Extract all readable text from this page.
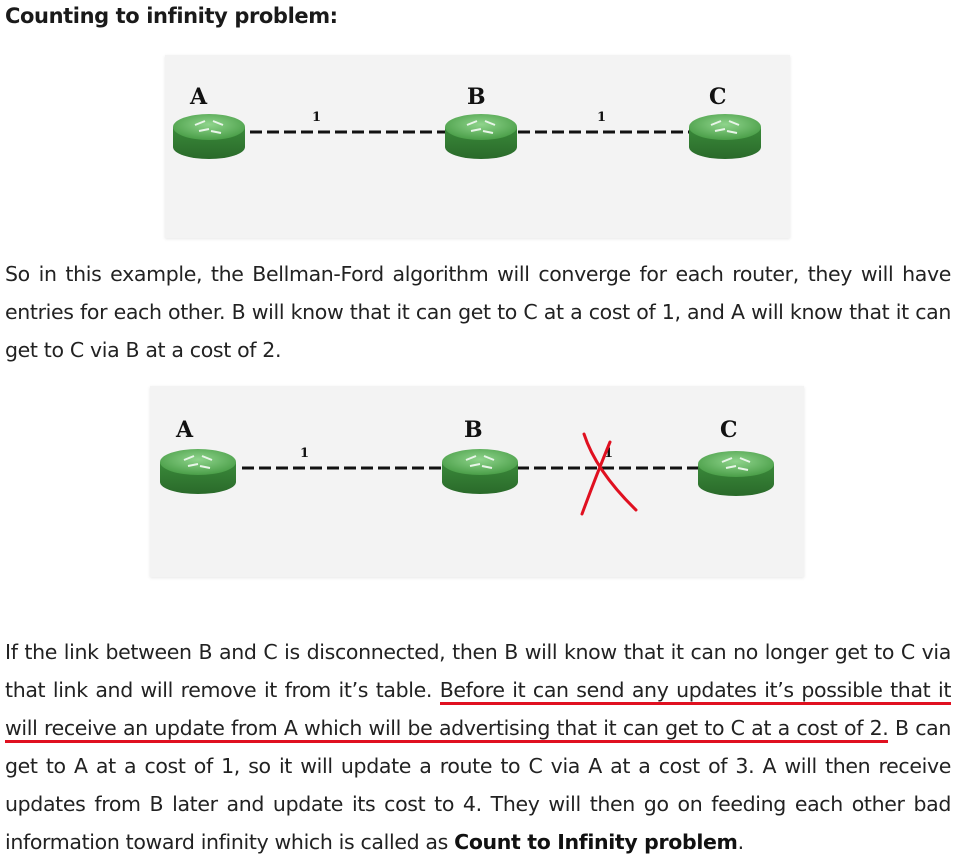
Counting to infinity problem:
1	1
A	B	C
So in this example, the Bellman-Ford algorithm will converge for each router, they will have entries for each other. B will know that it can get to C at a cost of 1, and A will know that it can get to C via B at a cost of 2.
1	1
A	B	C
If the link between B and C is disconnected, then B will know that it can no longer get to C via that link and will remove it from it’s table. Before it can send any updates it’s possible that it will receive an update from A which will be advertising that it can get to C at a cost of 2. B can get to A at a cost of 1, so it will update a route to C via A at a cost of 3. A will then receive updates from B later and update its cost to 4. They will then go on feeding each other bad information toward infinity which is called as Count to Infinity problem.
